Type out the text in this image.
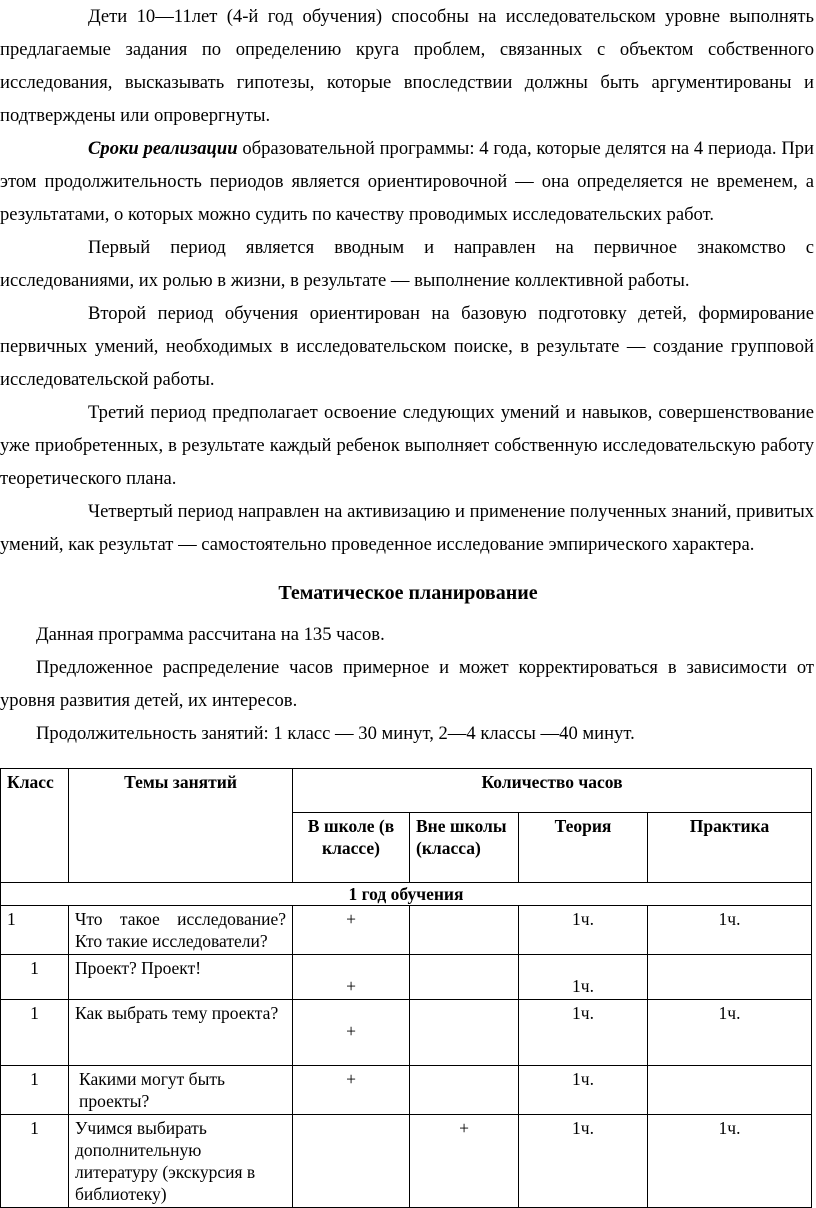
Дети 10—11лет (4-й год обучения) способны на исследовательском уровне выполнять предлагаемые задания по определению круга проблем, связанных с объектом собственного исследования, высказывать гипотезы, которые впоследствии должны быть аргументированы и подтверждены или опровергнуты.

Сроки реализации образовательной программы: 4 года, которые делятся на 4 периода. При этом продолжительность периодов является ориентировочной — она определяется не временем, а результатами, о которых можно судить по качеству проводимых исследовательских работ.

Первый период является вводным и направлен на первичное знакомство с исследованиями, их ролью в жизни, в результате — выполнение коллективной работы.

Второй период обучения ориентирован на базовую подготовку детей, формирование первичных умений, необходимых в исследовательском поиске, в результате — создание групповой исследовательской работы.

Третий период предполагает освоение следующих умений и навыков, совершенствование уже приобретенных, в результате каждый ребенок выполняет собственную исследовательскую работу теоретического плана.

Четвертый период направлен на активизацию и применение полученных знаний, привитых умений, как результат — самостоятельно проведенное исследование эмпирического характера.

Тематическое планирование

Данная программа рассчитана на 135 часов.

Предложенное распределение часов примерное и может корректироваться в зависимости от уровня развития детей, их интересов.

Продолжительность занятий: 1 класс — 30 минут, 2—4 классы —40 минут.

Класс	Темы занятий	Количество часов			
		В школе (в классе)	Вне школы (класса)	Теория	Практика
1 год обучения					
1	Что такое исследование? Кто такие исследователи?	+		1ч.	1ч.
1	Проект? Проект!	+		1ч.	
1	Как выбрать тему проекта?	+		1ч.	1ч.
1	Какими могут быть проекты?	+		1ч.	
1	Учимся выбирать дополнительную литературу (экскурсия в библиотеку)		+	1ч.	1ч.
